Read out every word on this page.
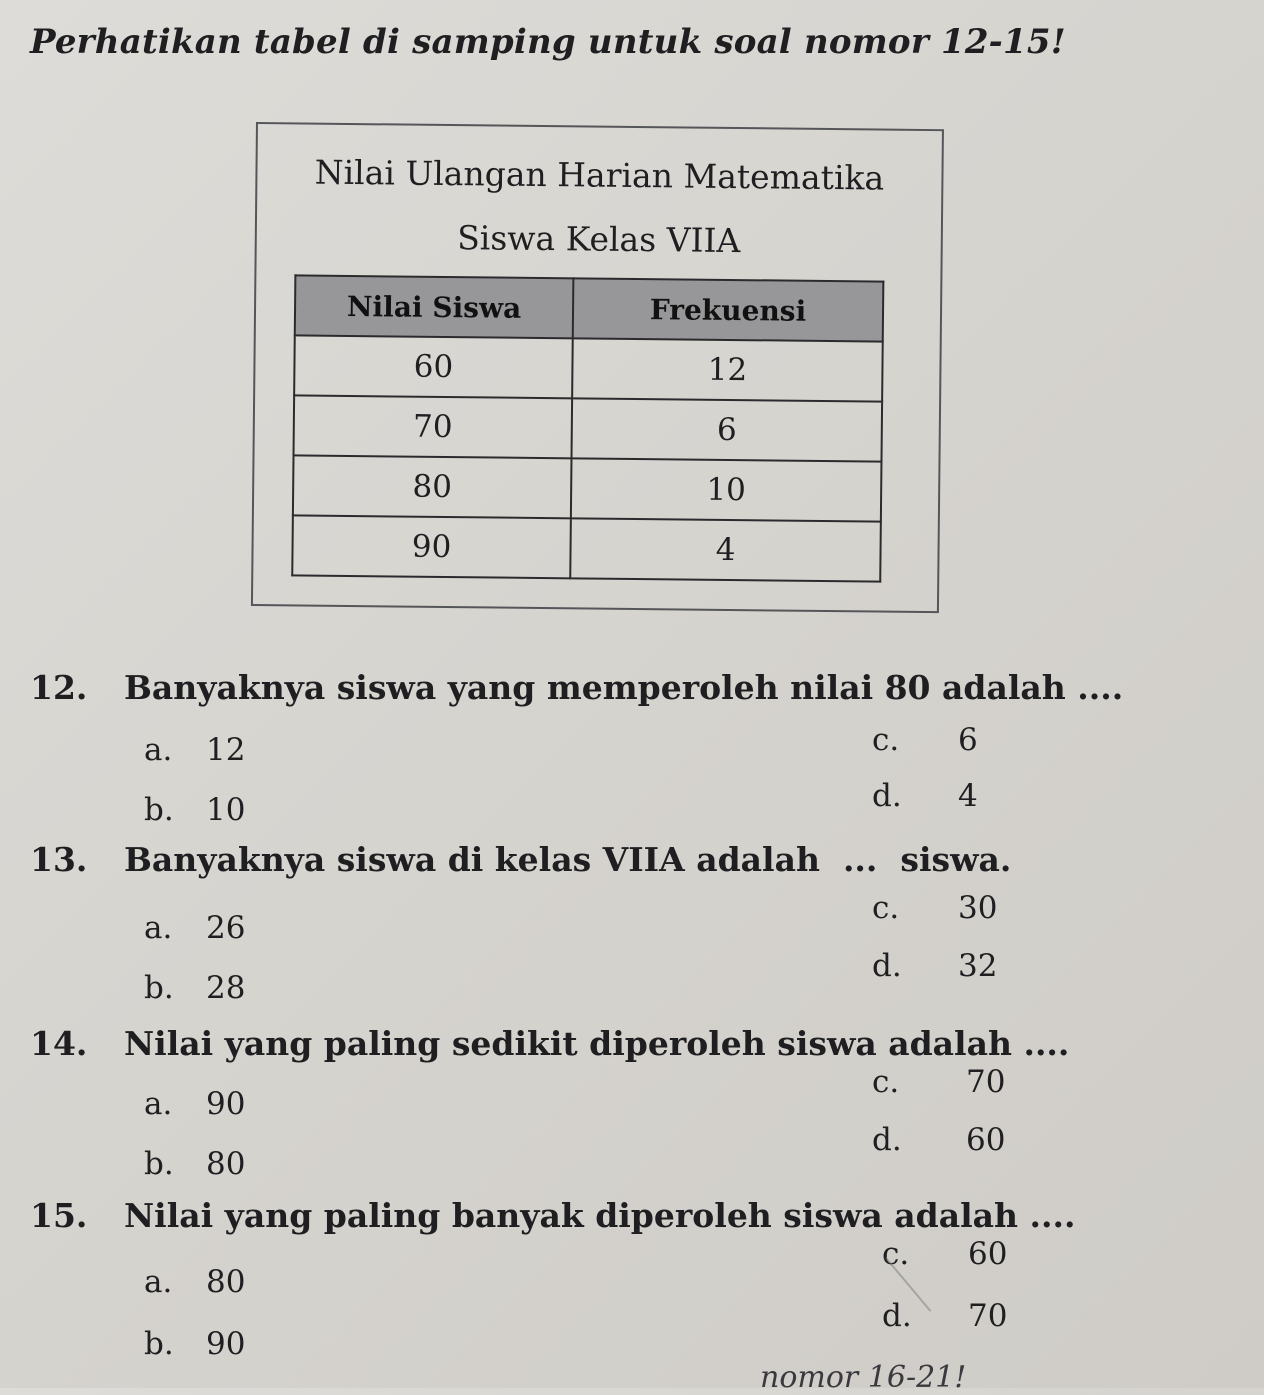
Perhatikan tabel di samping untuk soal nomor 12-15!
Nilai Ulangan Harian Matematika
Siswa Kelas VIIA
Nilai Siswa	Frekuensi
60	12
70	6
80	10
90	4
12. Banyaknya siswa yang memperoleh nilai 80 adalah ....
a. 12
b. 10
c. 6
d. 4
13. Banyaknya siswa di kelas VIIA adalah  ...  siswa.
a. 26
b. 28
c. 30
d. 32
14. Nilai yang paling sedikit diperoleh siswa adalah ....
a. 90
b. 80
c. 70
d. 60
15. Nilai yang paling banyak diperoleh siswa adalah ....
a. 80
b. 90
c. 60
d. 70
nomor 16-21!
